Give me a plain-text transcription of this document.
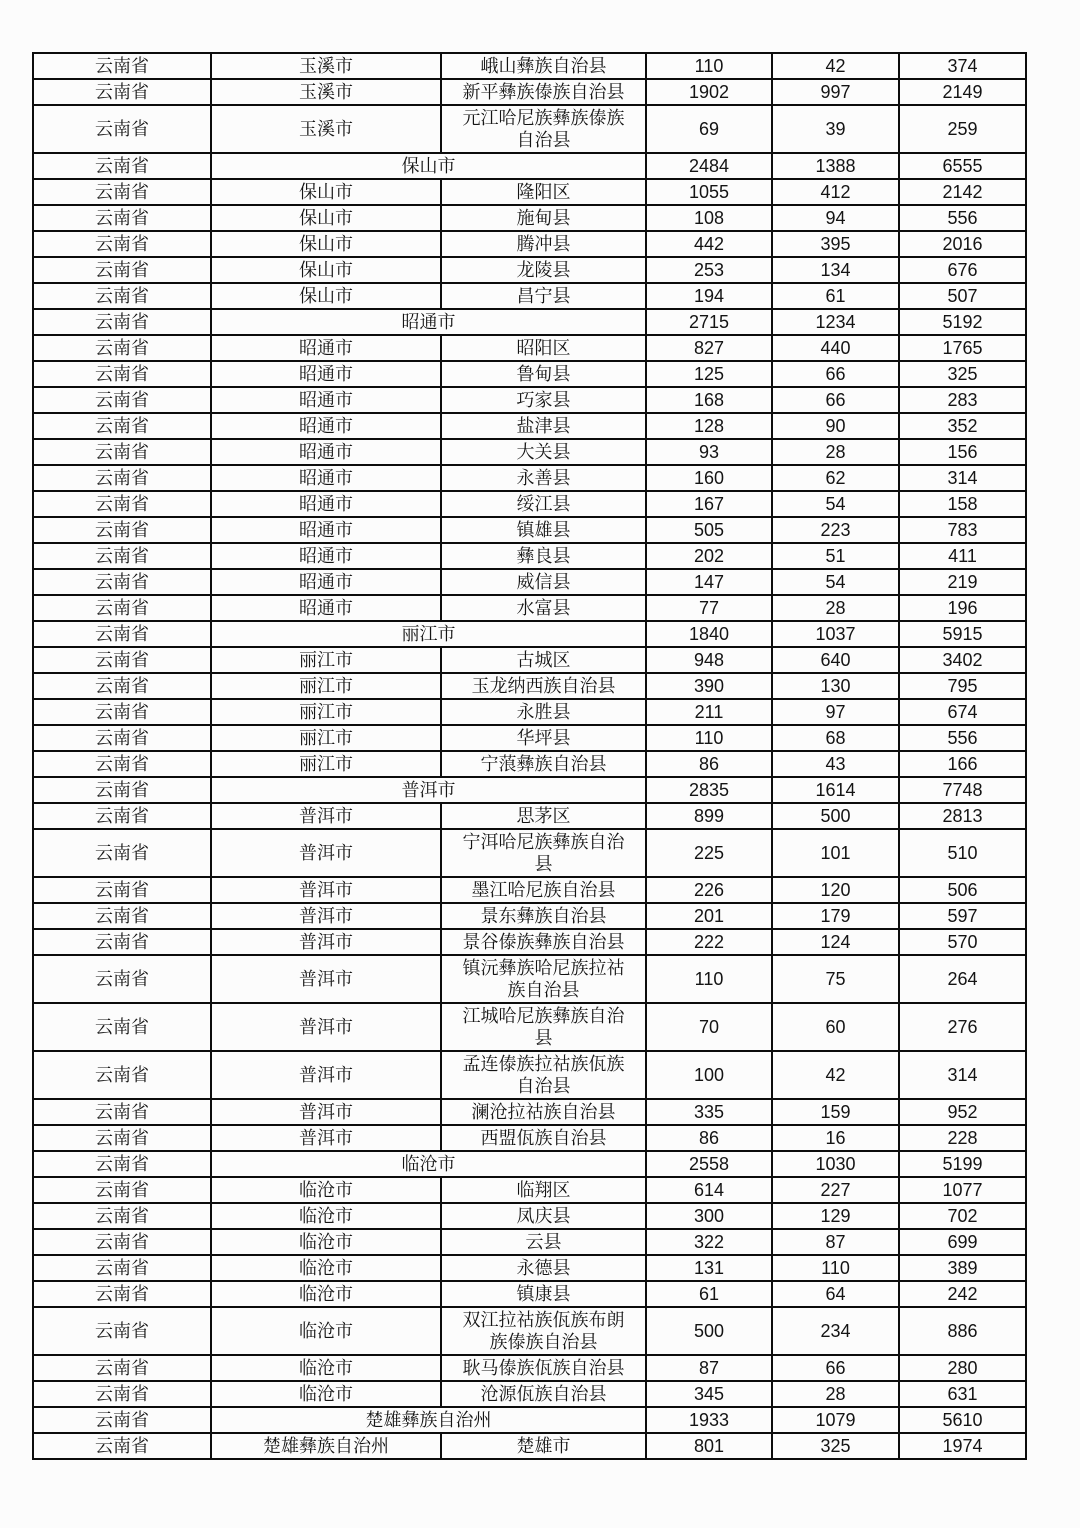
云南省	玉溪市	峨山彝族自治县	110	42	374
云南省	玉溪市	新平彝族傣族自治县	1902	997	2149
云南省	玉溪市	元江哈尼族彝族傣族自治县	69	39	259
云南省	保山市		2484	1388	6555
云南省	保山市	隆阳区	1055	412	2142
云南省	保山市	施甸县	108	94	556
云南省	保山市	腾冲县	442	395	2016
云南省	保山市	龙陵县	253	134	676
云南省	保山市	昌宁县	194	61	507
云南省	昭通市		2715	1234	5192
云南省	昭通市	昭阳区	827	440	1765
云南省	昭通市	鲁甸县	125	66	325
云南省	昭通市	巧家县	168	66	283
云南省	昭通市	盐津县	128	90	352
云南省	昭通市	大关县	93	28	156
云南省	昭通市	永善县	160	62	314
云南省	昭通市	绥江县	167	54	158
云南省	昭通市	镇雄县	505	223	783
云南省	昭通市	彝良县	202	51	411
云南省	昭通市	威信县	147	54	219
云南省	昭通市	水富县	77	28	196
云南省	丽江市		1840	1037	5915
云南省	丽江市	古城区	948	640	3402
云南省	丽江市	玉龙纳西族自治县	390	130	795
云南省	丽江市	永胜县	211	97	674
云南省	丽江市	华坪县	110	68	556
云南省	丽江市	宁蒗彝族自治县	86	43	166
云南省	普洱市		2835	1614	7748
云南省	普洱市	思茅区	899	500	2813
云南省	普洱市	宁洱哈尼族彝族自治县	225	101	510
云南省	普洱市	墨江哈尼族自治县	226	120	506
云南省	普洱市	景东彝族自治县	201	179	597
云南省	普洱市	景谷傣族彝族自治县	222	124	570
云南省	普洱市	镇沅彝族哈尼族拉祜族自治县	110	75	264
云南省	普洱市	江城哈尼族彝族自治县	70	60	276
云南省	普洱市	孟连傣族拉祜族佤族自治县	100	42	314
云南省	普洱市	澜沧拉祜族自治县	335	159	952
云南省	普洱市	西盟佤族自治县	86	16	228
云南省	临沧市		2558	1030	5199
云南省	临沧市	临翔区	614	227	1077
云南省	临沧市	凤庆县	300	129	702
云南省	临沧市	云县	322	87	699
云南省	临沧市	永德县	131	110	389
云南省	临沧市	镇康县	61	64	242
云南省	临沧市	双江拉祜族佤族布朗族傣族自治县	500	234	886
云南省	临沧市	耿马傣族佤族自治县	87	66	280
云南省	临沧市	沧源佤族自治县	345	28	631
云南省	楚雄彝族自治州		1933	1079	5610
云南省	楚雄彝族自治州	楚雄市	801	325	1974
